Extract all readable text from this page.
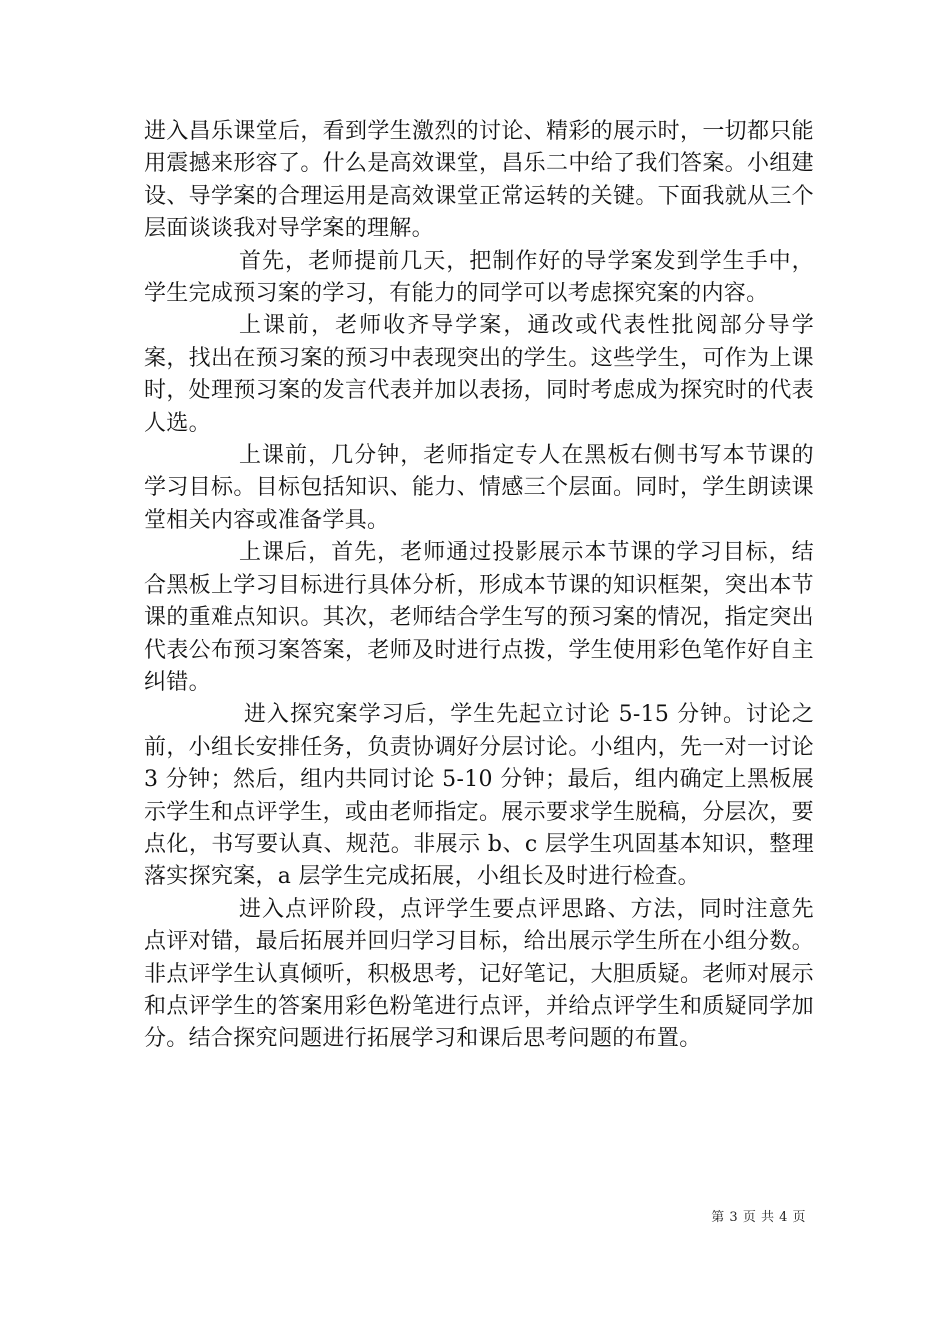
进入昌乐课堂后，看到学生激烈的讨论、精彩的展示时，一切都只能用震撼来形容了。什么是高效课堂，昌乐二中给了我们答案。小组建设、导学案的合理运用是高效课堂正常运转的关键。下面我就从三个层面谈谈我对导学案的理解。

首先，老师提前几天，把制作好的导学案发到学生手中，学生完成预习案的学习，有能力的同学可以考虑探究案的内容。

上课前，老师收齐导学案，通改或代表性批阅部分导学案，找出在预习案的预习中表现突出的学生。这些学生，可作为上课时，处理预习案的发言代表并加以表扬，同时考虑成为探究时的代表人选。

上课前，几分钟，老师指定专人在黑板右侧书写本节课的学习目标。目标包括知识、能力、情感三个层面。同时，学生朗读课堂相关内容或准备学具。

上课后，首先，老师通过投影展示本节课的学习目标，结合黑板上学习目标进行具体分析，形成本节课的知识框架，突出本节课的重难点知识。其次，老师结合学生写的预习案的情况，指定突出代表公布预习案答案，老师及时进行点拨，学生使用彩色笔作好自主纠错。

进入探究案学习后，学生先起立讨论 5-15 分钟。讨论之前，小组长安排任务，负责协调好分层讨论。小组内，先一对一讨论 3 分钟；然后，组内共同讨论 5-10 分钟；最后，组内确定上黑板展示学生和点评学生，或由老师指定。展示要求学生脱稿，分层次，要点化，书写要认真、规范。非展示 b、c 层学生巩固基本知识，整理落实探究案，a 层学生完成拓展，小组长及时进行检查。

进入点评阶段，点评学生要点评思路、方法，同时注意先点评对错，最后拓展并回归学习目标，给出展示学生所在小组分数。非点评学生认真倾听，积极思考，记好笔记，大胆质疑。老师对展示和点评学生的答案用彩色粉笔进行点评，并给点评学生和质疑同学加分。结合探究问题进行拓展学习和课后思考问题的布置。

第 3 页 共 4 页
